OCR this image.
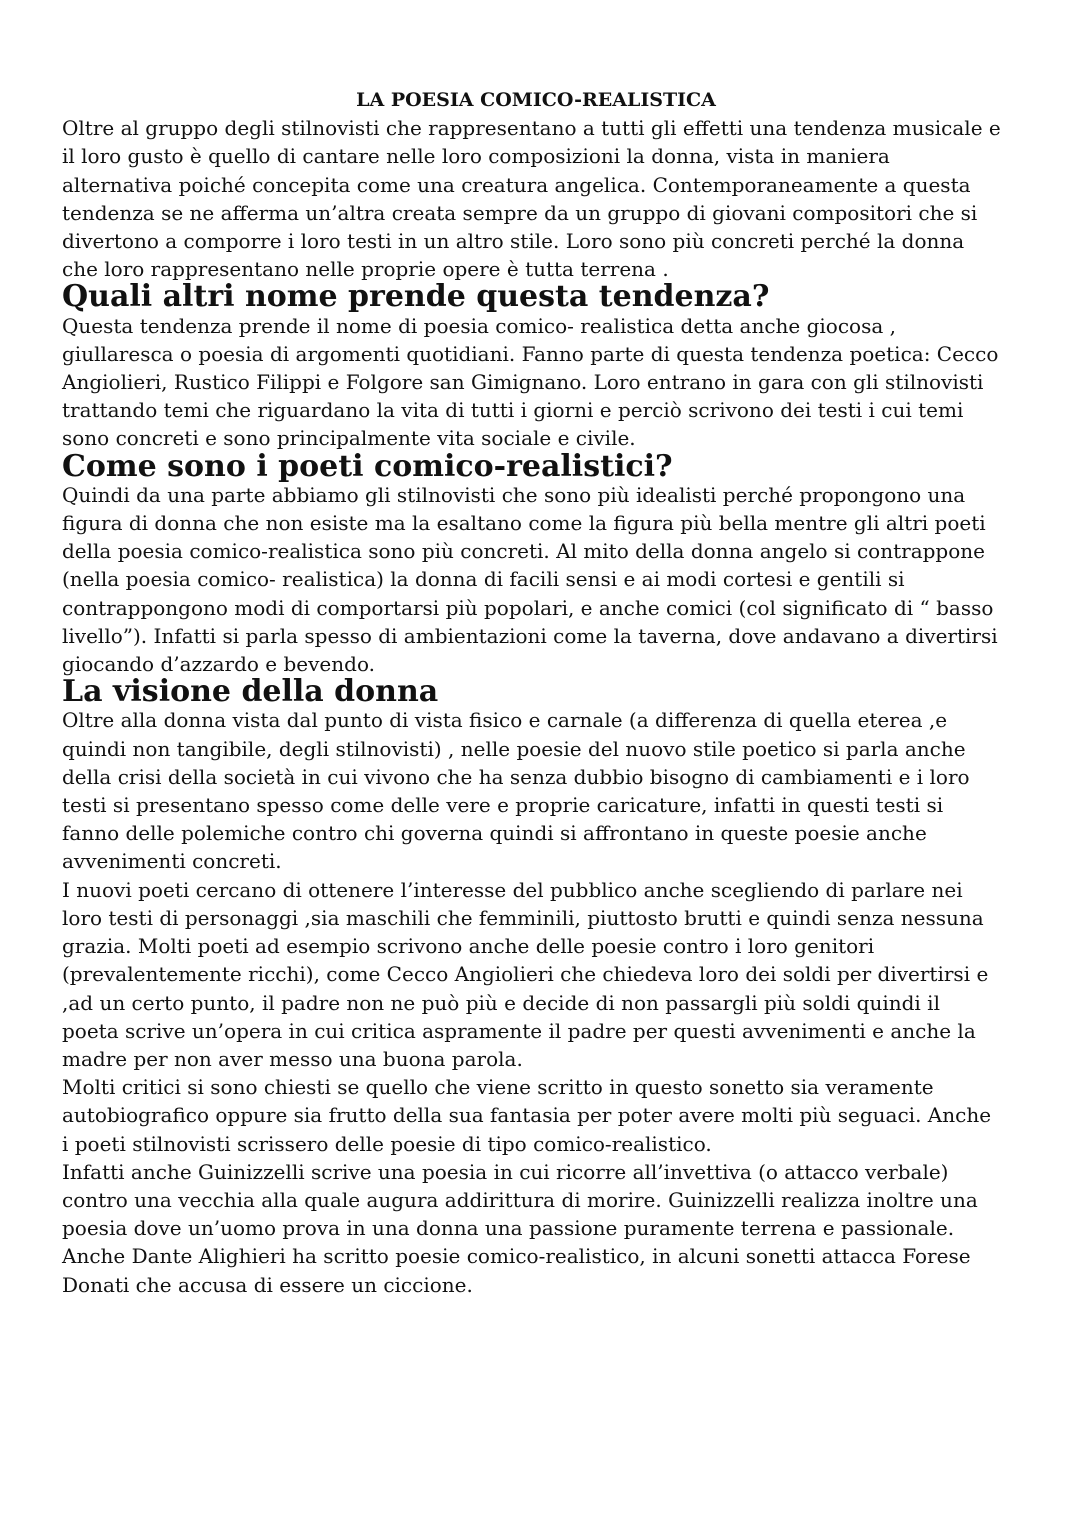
LA POESIA COMICO-REALISTICA

Oltre al gruppo degli stilnovisti che rappresentano a tutti gli effetti una tendenza musicale e il loro gusto è quello di cantare nelle loro composizioni la donna, vista in maniera alternativa poiché concepita come una creatura angelica. Contemporaneamente a questa tendenza se ne afferma un’altra creata sempre da un gruppo di giovani compositori che si divertono a comporre i loro testi in un altro stile. Loro sono più concreti perché la donna che loro rappresentano nelle proprie opere è tutta terrena .

Quali altri nome prende questa tendenza?

Questa tendenza prende il nome di poesia comico- realistica detta anche giocosa , giullaresca o poesia di argomenti quotidiani. Fanno parte di questa tendenza poetica: Cecco Angiolieri, Rustico Filippi e Folgore san Gimignano. Loro entrano in gara con gli stilnovisti trattando temi che riguardano la vita di tutti i giorni e perciò scrivono dei testi i cui temi sono concreti e sono principalmente vita sociale e civile.

Come sono i poeti comico-realistici?

Quindi da una parte abbiamo gli stilnovisti che sono più idealisti perché propongono una figura di donna che non esiste ma la esaltano come la figura più bella mentre gli altri poeti della poesia comico-realistica sono più concreti. Al mito della donna angelo si contrappone (nella poesia comico- realistica) la donna di facili sensi e ai modi cortesi e gentili si contrappongono modi di comportarsi più popolari, e anche comici (col significato di “ basso livello”). Infatti si parla spesso di ambientazioni come la taverna, dove andavano a divertirsi giocando d’azzardo e bevendo.

La visione della donna

Oltre alla donna vista dal punto di vista fisico e carnale (a differenza di quella eterea ,e quindi non tangibile, degli stilnovisti) , nelle poesie del nuovo stile poetico si parla anche della crisi della società in cui vivono che ha senza dubbio bisogno di cambiamenti e i loro testi si presentano spesso come delle vere e proprie caricature, infatti in questi testi si fanno delle polemiche contro chi governa quindi si affrontano in queste poesie anche avvenimenti concreti.

I nuovi poeti cercano di ottenere l’interesse del pubblico anche scegliendo di parlare nei loro testi di personaggi ,sia maschili che femminili, piuttosto brutti e quindi senza nessuna grazia. Molti poeti ad esempio scrivono anche delle poesie contro i loro genitori (prevalentemente ricchi), come Cecco Angiolieri che chiedeva loro dei soldi per divertirsi e ,ad un certo punto, il padre non ne può più e decide di non passargli più soldi quindi il poeta scrive un’opera in cui critica aspramente il padre per questi avvenimenti e anche la madre per non aver messo una buona parola.

Molti critici si sono chiesti se quello che viene scritto in questo sonetto sia veramente autobiografico oppure sia frutto della sua fantasia per poter avere molti più seguaci. Anche i poeti stilnovisti scrissero delle poesie di tipo comico-realistico.

Infatti anche Guinizzelli scrive una poesia in cui ricorre all’invettiva (o attacco verbale) contro una vecchia alla quale augura addirittura di morire. Guinizzelli realizza inoltre una poesia dove un’uomo prova in una donna una passione puramente terrena e passionale. Anche Dante Alighieri ha scritto poesie comico-realistico, in alcuni sonetti attacca Forese Donati che accusa di essere un ciccione.
